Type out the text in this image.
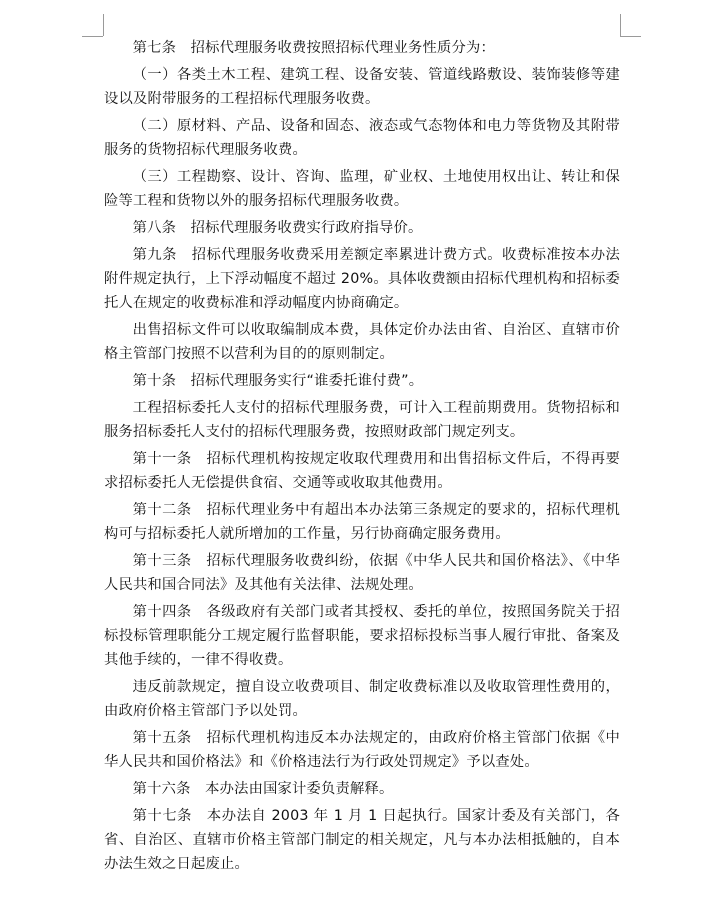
第七条　招标代理服务收费按照招标代理业务性质分为：

（一）各类土木工程、建筑工程、设备安装、管道线路敷设、装饰装修等建设以及附带服务的工程招标代理服务收费。

（二）原材料、产品、设备和固态、液态或气态物体和电力等货物及其附带服务的货物招标代理服务收费。

（三）工程勘察、设计、咨询、监理，矿业权、土地使用权出让、转让和保险等工程和货物以外的服务招标代理服务收费。

第八条　招标代理服务收费实行政府指导价。

第九条　招标代理服务收费采用差额定率累进计费方式。收费标准按本办法附件规定执行，上下浮动幅度不超过 20%。具体收费额由招标代理机构和招标委托人在规定的收费标准和浮动幅度内协商确定。

出售招标文件可以收取编制成本费，具体定价办法由省、自治区、直辖市价格主管部门按照不以营利为目的的原则制定。

第十条　招标代理服务实行“谁委托谁付费”。

工程招标委托人支付的招标代理服务费，可计入工程前期费用。货物招标和服务招标委托人支付的招标代理服务费，按照财政部门规定列支。

第十一条　招标代理机构按规定收取代理费用和出售招标文件后，不得再要求招标委托人无偿提供食宿、交通等或收取其他费用。

第十二条　招标代理业务中有超出本办法第三条规定的要求的，招标代理机构可与招标委托人就所增加的工作量，另行协商确定服务费用。

第十三条　招标代理服务收费纠纷，依据《中华人民共和国价格法》、《中华人民共和国合同法》及其他有关法律、法规处理。

第十四条　各级政府有关部门或者其授权、委托的单位，按照国务院关于招标投标管理职能分工规定履行监督职能，要求招标投标当事人履行审批、备案及其他手续的，一律不得收费。

违反前款规定，擅自设立收费项目、制定收费标准以及收取管理性费用的，由政府价格主管部门予以处罚。

第十五条　招标代理机构违反本办法规定的，由政府价格主管部门依据《中华人民共和国价格法》和《价格违法行为行政处罚规定》予以查处。

第十六条　本办法由国家计委负责解释。

第十七条　本办法自 2003 年 1 月 1 日起执行。国家计委及有关部门，各省、自治区、直辖市价格主管部门制定的相关规定，凡与本办法相抵触的，自本办法生效之日起废止。
